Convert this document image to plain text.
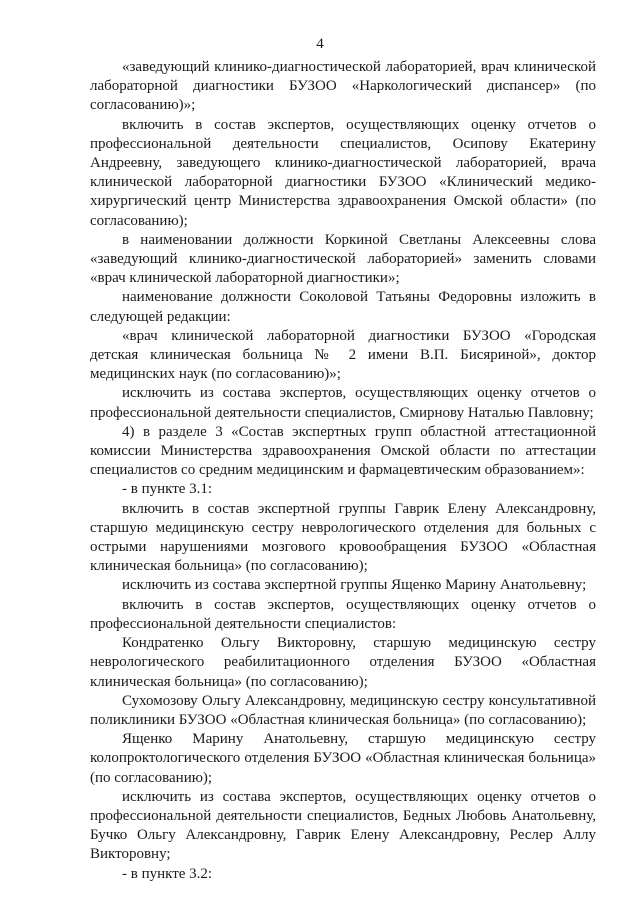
4

«заведующий клинико-диагностической лабораторией, врач клинической лабораторной диагностики БУЗОО «Наркологический диспансер» (по согласованию)»;

включить в состав экспертов, осуществляющих оценку отчетов о профессиональной деятельности специалистов, Осипову Екатерину Андреевну, заведующего клинико-диагностической лабораторией, врача клинической лабораторной диагностики БУЗОО «Клинический медико-хирургический центр Министерства здравоохранения Омской области» (по согласованию);

в наименовании должности Коркиной Светланы Алексеевны слова «заведующий клинико-диагностической лабораторией» заменить словами «врач клинической лабораторной диагностики»;

наименование должности Соколовой Татьяны Федоровны изложить в следующей редакции:

«врач клинической лабораторной диагностики БУЗОО «Городская детская клиническая больница № 2 имени В.П. Бисяриной», доктор медицинских наук (по согласованию)»;

исключить из состава экспертов, осуществляющих оценку отчетов о профессиональной деятельности специалистов, Смирнову Наталью Павловну;

4) в разделе 3 «Состав экспертных групп областной аттестационной комиссии Министерства здравоохранения Омской области по аттестации специалистов со средним медицинским и фармацевтическим образованием»:

- в пункте 3.1:

включить в состав экспертной группы Гаврик Елену Александровну, старшую медицинскую сестру неврологического отделения для больных с острыми нарушениями мозгового кровообращения БУЗОО «Областная клиническая больница» (по согласованию);

исключить из состава экспертной группы Ященко Марину Анатольевну;

включить в состав экспертов, осуществляющих оценку отчетов о профессиональной деятельности специалистов:

Кондратенко Ольгу Викторовну, старшую медицинскую сестру неврологического реабилитационного отделения БУЗОО «Областная клиническая больница» (по согласованию);

Сухомозову Ольгу Александровну, медицинскую сестру консультативной поликлиники БУЗОО «Областная клиническая больница» (по согласованию);

Ященко Марину Анатольевну, старшую медицинскую сестру колопроктологического отделения БУЗОО «Областная клиническая больница» (по согласованию);

исключить из состава экспертов, осуществляющих оценку отчетов о профессиональной деятельности специалистов, Бедных Любовь Анатольевну, Бучко Ольгу Александровну, Гаврик Елену Александровну, Реслер Аллу Викторовну;

- в пункте 3.2:
